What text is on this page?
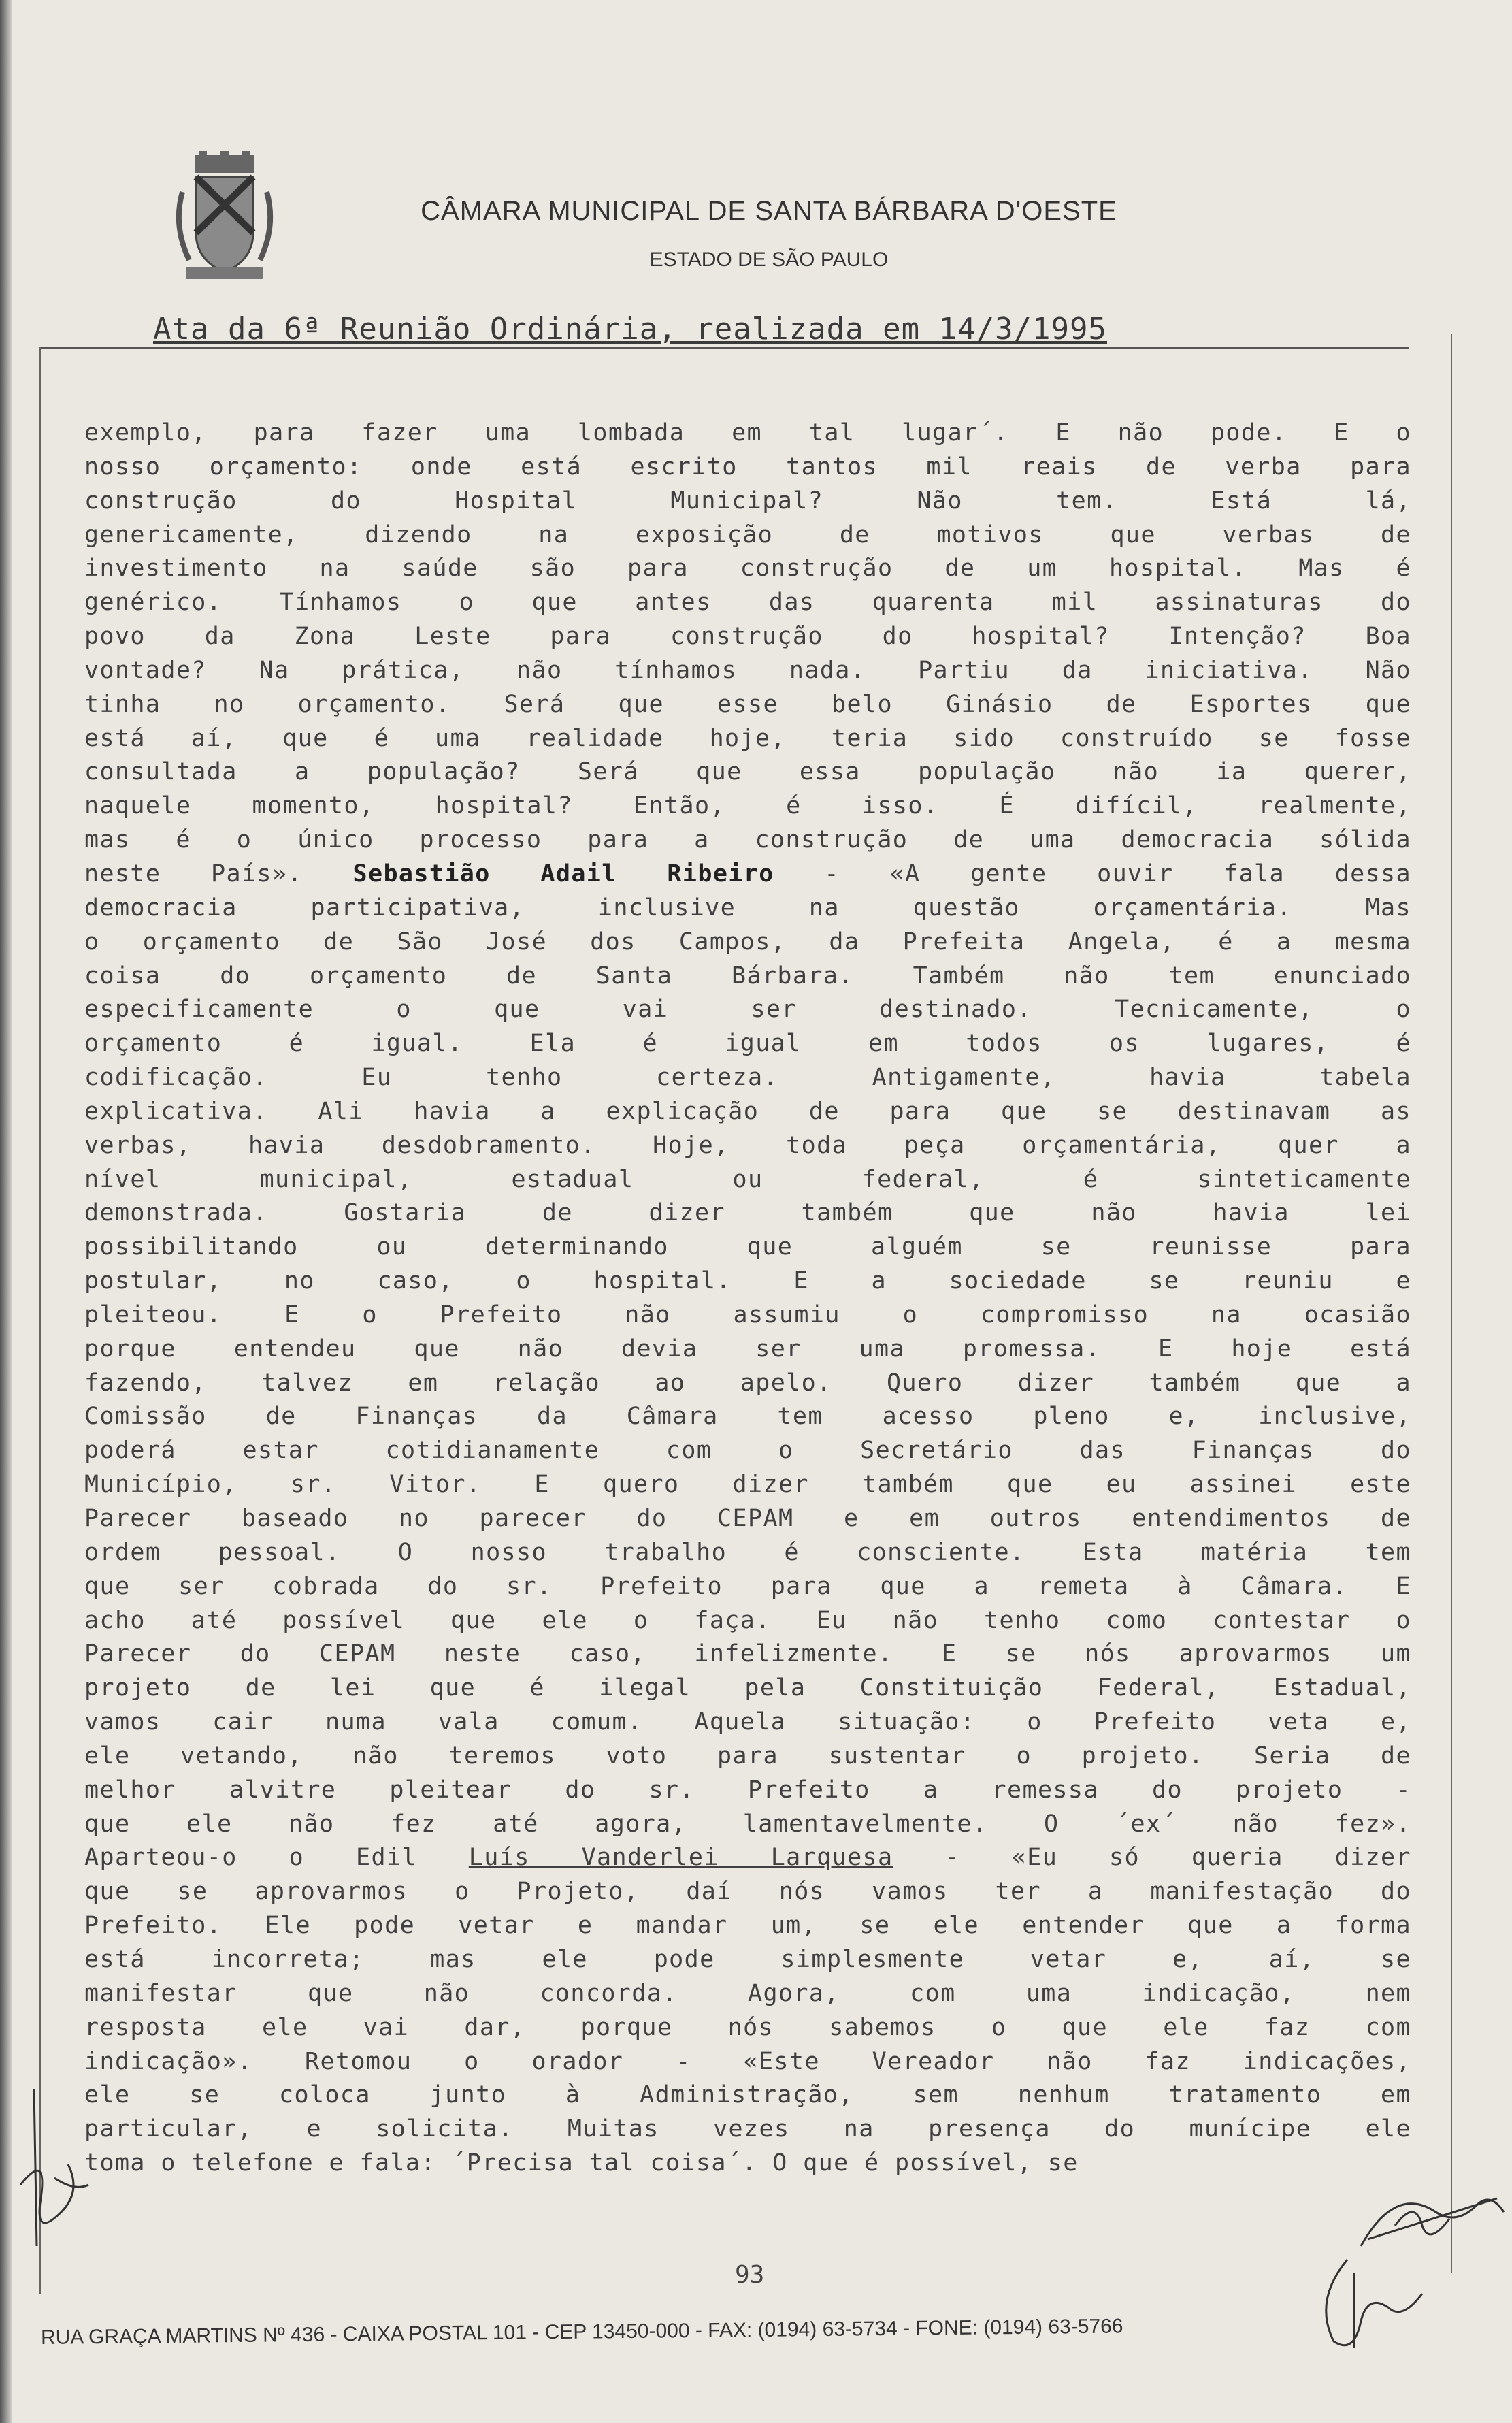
CÂMARA MUNICIPAL DE SANTA BÁRBARA D'OESTE
ESTADO DE SÃO PAULO
Ata da 6ª Reunião Ordinária, realizada em 14/3/1995
exemplo, para fazer uma lombada em tal lugar´. E não pode. E o
nosso orçamento: onde está escrito tantos mil reais de verba para
construção do Hospital Municipal? Não tem. Está lá,
genericamente, dizendo na exposição de motivos que verbas de
investimento na saúde são para construção de um hospital. Mas é
genérico. Tínhamos o que antes das quarenta mil assinaturas do
povo da Zona Leste para construção do hospital? Intenção? Boa
vontade? Na prática, não tínhamos nada. Partiu da iniciativa. Não
tinha no orçamento. Será que esse belo Ginásio de Esportes que
está aí, que é uma realidade hoje, teria sido construído se fosse
consultada a população? Será que essa população não ia querer,
naquele momento, hospital? Então, é isso. É difícil, realmente,
mas é o único processo para a construção de uma democracia sólida
neste País». Sebastião Adail Ribeiro - «A gente ouvir fala dessa
democracia participativa, inclusive na questão orçamentária. Mas
o orçamento de São José dos Campos, da Prefeita Angela, é a mesma
coisa do orçamento de Santa Bárbara. Também não tem enunciado
especificamente o que vai ser destinado. Tecnicamente, o
orçamento é igual. Ela é igual em todos os lugares, é
codificação. Eu tenho certeza. Antigamente, havia tabela
explicativa. Ali havia a explicação de para que se destinavam as
verbas, havia desdobramento. Hoje, toda peça orçamentária, quer a
nível municipal, estadual ou federal, é sinteticamente
demonstrada. Gostaria de dizer também que não havia lei
possibilitando ou determinando que alguém se reunisse para
postular, no caso, o hospital. E a sociedade se reuniu e
pleiteou. E o Prefeito não assumiu o compromisso na ocasião
porque entendeu que não devia ser uma promessa. E hoje está
fazendo, talvez em relação ao apelo. Quero dizer também que a
Comissão de Finanças da Câmara tem acesso pleno e, inclusive,
poderá estar cotidianamente com o Secretário das Finanças do
Município, sr. Vitor. E quero dizer também que eu assinei este
Parecer baseado no parecer do CEPAM e em outros entendimentos de
ordem pessoal. O nosso trabalho é consciente. Esta matéria tem
que ser cobrada do sr. Prefeito para que a remeta à Câmara. E
acho até possível que ele o faça. Eu não tenho como contestar o
Parecer do CEPAM neste caso, infelizmente. E se nós aprovarmos um
projeto de lei que é ilegal pela Constituição Federal, Estadual,
vamos cair numa vala comum. Aquela situação: o Prefeito veta e,
ele vetando, não teremos voto para sustentar o projeto. Seria de
melhor alvitre pleitear do sr. Prefeito a remessa do projeto -
que ele não fez até agora, lamentavelmente. O ´ex´ não fez».
Aparteou-o o Edil Luís Vanderlei Larquesa - «Eu só queria dizer
que se aprovarmos o Projeto, daí nós vamos ter a manifestação do
Prefeito. Ele pode vetar e mandar um, se ele entender que a forma
está incorreta; mas ele pode simplesmente vetar e, aí, se
manifestar que não concorda. Agora, com uma indicação, nem
resposta ele vai dar, porque nós sabemos o que ele faz com
indicação». Retomou o orador - «Este Vereador não faz indicações,
ele se coloca junto à Administração, sem nenhum tratamento em
particular, e solicita. Muitas vezes na presença do munícipe ele
toma o telefone e fala: ´Precisa tal coisa´. O que é possível, se
93
RUA GRAÇA MARTINS Nº 436 - CAIXA POSTAL 101 - CEP 13450-000 - FAX: (0194) 63-5734 - FONE: (0194) 63-5766
